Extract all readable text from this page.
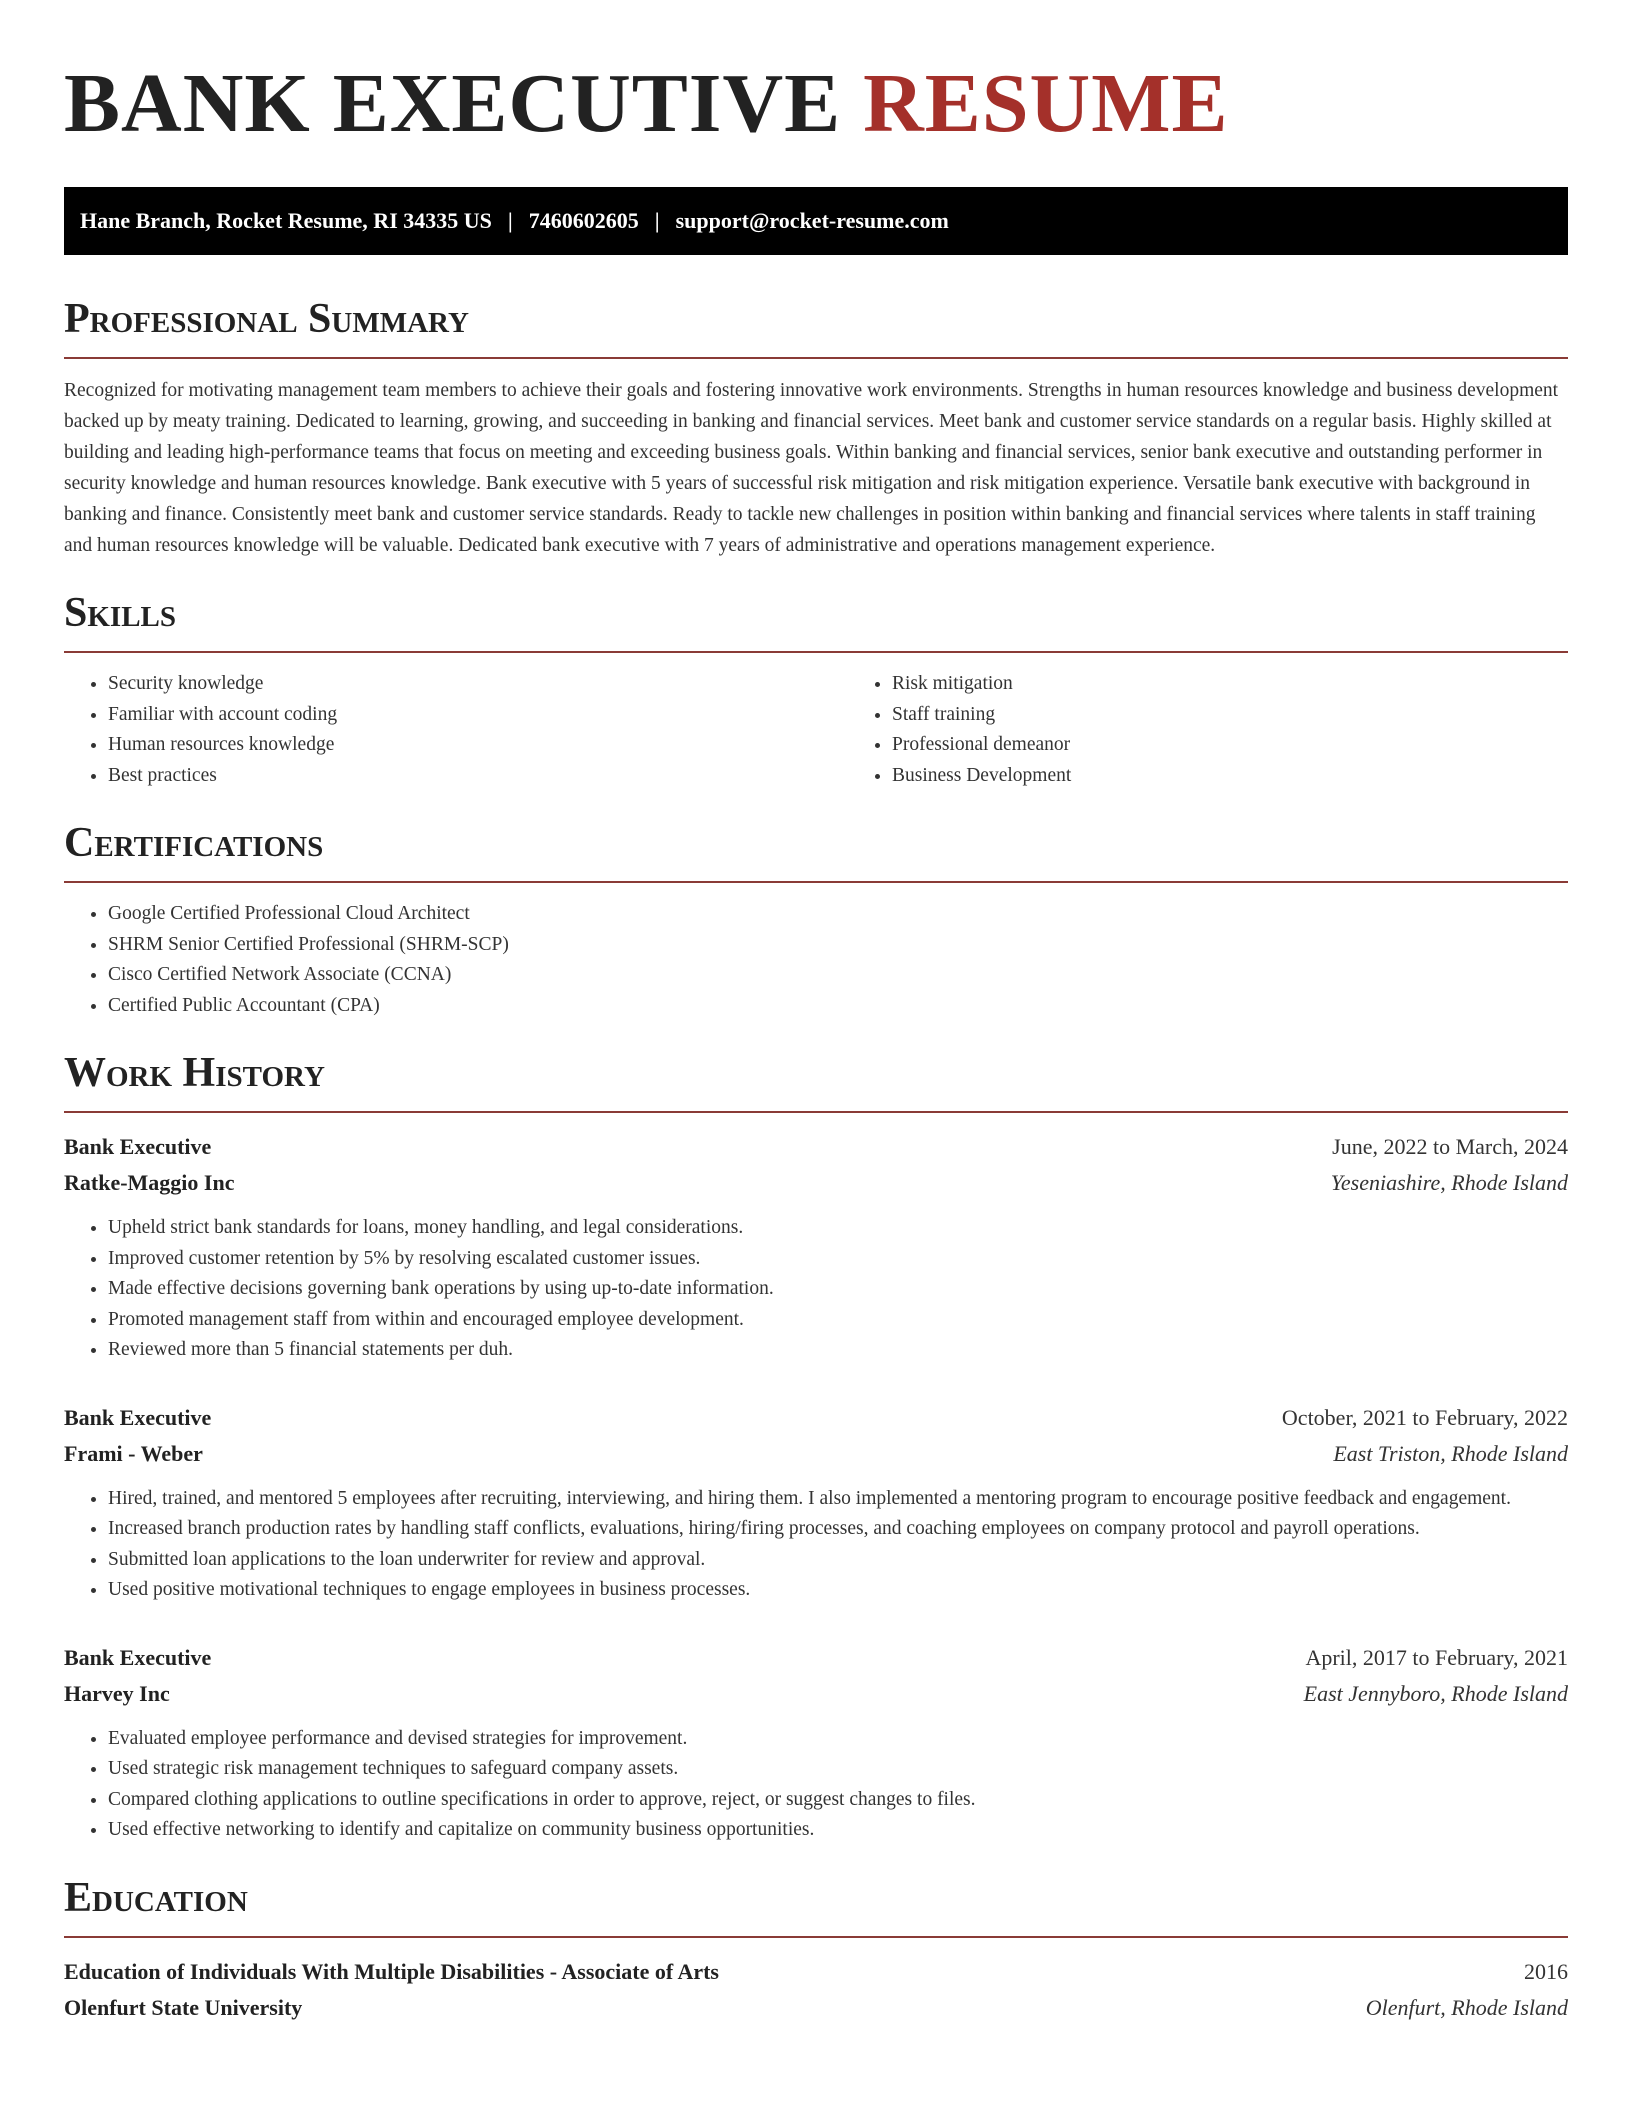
BANK EXECUTIVE RESUME
Hane Branch, Rocket Resume, RI 34335 US | 7460602605 | support@rocket-resume.com
Professional Summary

Recognized for motivating management team members to achieve their goals and fostering innovative work environments. Strengths in human resources knowledge and business development backed up by meaty training. Dedicated to learning, growing, and succeeding in banking and financial services. Meet bank and customer service standards on a regular basis. Highly skilled at building and leading high-performance teams that focus on meeting and exceeding business goals. Within banking and financial services, senior bank executive and outstanding performer in security knowledge and human resources knowledge. Bank executive with 5 years of successful risk mitigation and risk mitigation experience. Versatile bank executive with background in banking and finance. Consistently meet bank and customer service standards. Ready to tackle new challenges in position within banking and financial services where talents in staff training and human resources knowledge will be valuable. Dedicated bank executive with 7 years of administrative and operations management experience.

Skills
• Security knowledge
• Familiar with account coding
• Human resources knowledge
• Best practices
• Risk mitigation
• Staff training
• Professional demeanor
• Business Development
Certifications
• Google Certified Professional Cloud Architect
• SHRM Senior Certified Professional (SHRM-SCP)
• Cisco Certified Network Associate (CCNA)
• Certified Public Accountant (CPA)
Work History
Bank Executive	June, 2022 to March, 2024
Ratke-Maggio Inc	Yeseniashire, Rhode Island
• Upheld strict bank standards for loans, money handling, and legal considerations.
• Improved customer retention by 5% by resolving escalated customer issues.
• Made effective decisions governing bank operations by using up-to-date information.
• Promoted management staff from within and encouraged employee development.
• Reviewed more than 5 financial statements per duh.
Bank Executive	October, 2021 to February, 2022
Frami - Weber	East Triston, Rhode Island
• Hired, trained, and mentored 5 employees after recruiting, interviewing, and hiring them. I also implemented a mentoring program to encourage positive feedback and engagement.
• Increased branch production rates by handling staff conflicts, evaluations, hiring/firing processes, and coaching employees on company protocol and payroll operations.
• Submitted loan applications to the loan underwriter for review and approval.
• Used positive motivational techniques to engage employees in business processes.
Bank Executive	April, 2017 to February, 2021
Harvey Inc	East Jennyboro, Rhode Island
• Evaluated employee performance and devised strategies for improvement.
• Used strategic risk management techniques to safeguard company assets.
• Compared clothing applications to outline specifications in order to approve, reject, or suggest changes to files.
• Used effective networking to identify and capitalize on community business opportunities.
Education
Education of Individuals With Multiple Disabilities - Associate of Arts	2016
Olenfurt State University	Olenfurt, Rhode Island
